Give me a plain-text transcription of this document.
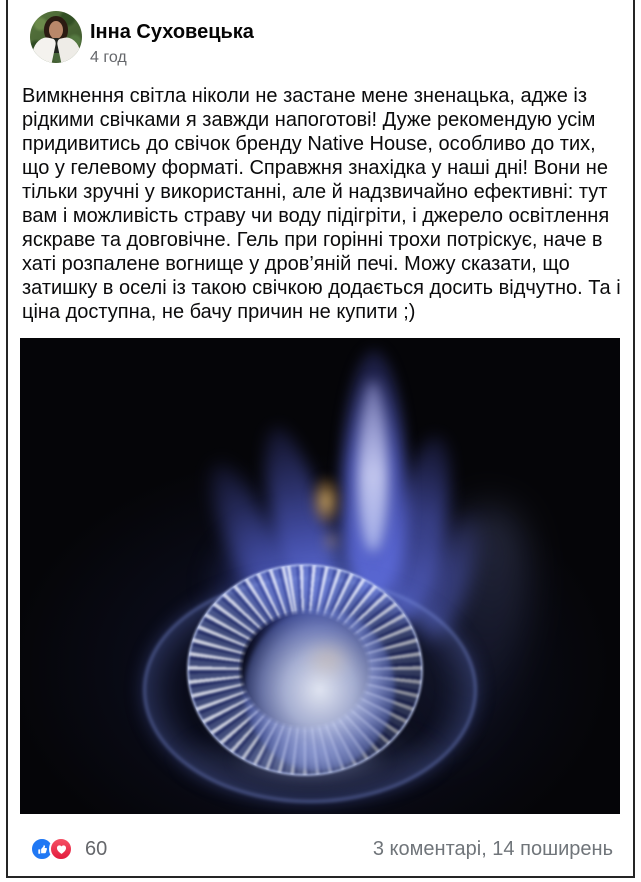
Інна Суховецька
4 год
Вимкнення світла ніколи не застане мене зненацька, адже із рідкими свічками я завжди напоготові! Дуже рекомендую усім придивитись до свічок бренду Native House, особливо до тих, що у гелевому форматі. Справжня знахідка у наші дні! Вони не тільки зручні у використанні, але й надзвичайно ефективні: тут вам і можливість страву чи воду підігріти, і джерело освітлення яскраве та довговічне. Гель при горінні трохи потріскує, наче в хаті розпалене вогнище у дров’яній печі. Можу сказати, що затишку в оселі із такою свічкою додається досить відчутно. Та і ціна доступна, не бачу причин не купити ;)
60	3 коментарі, 14 поширень
